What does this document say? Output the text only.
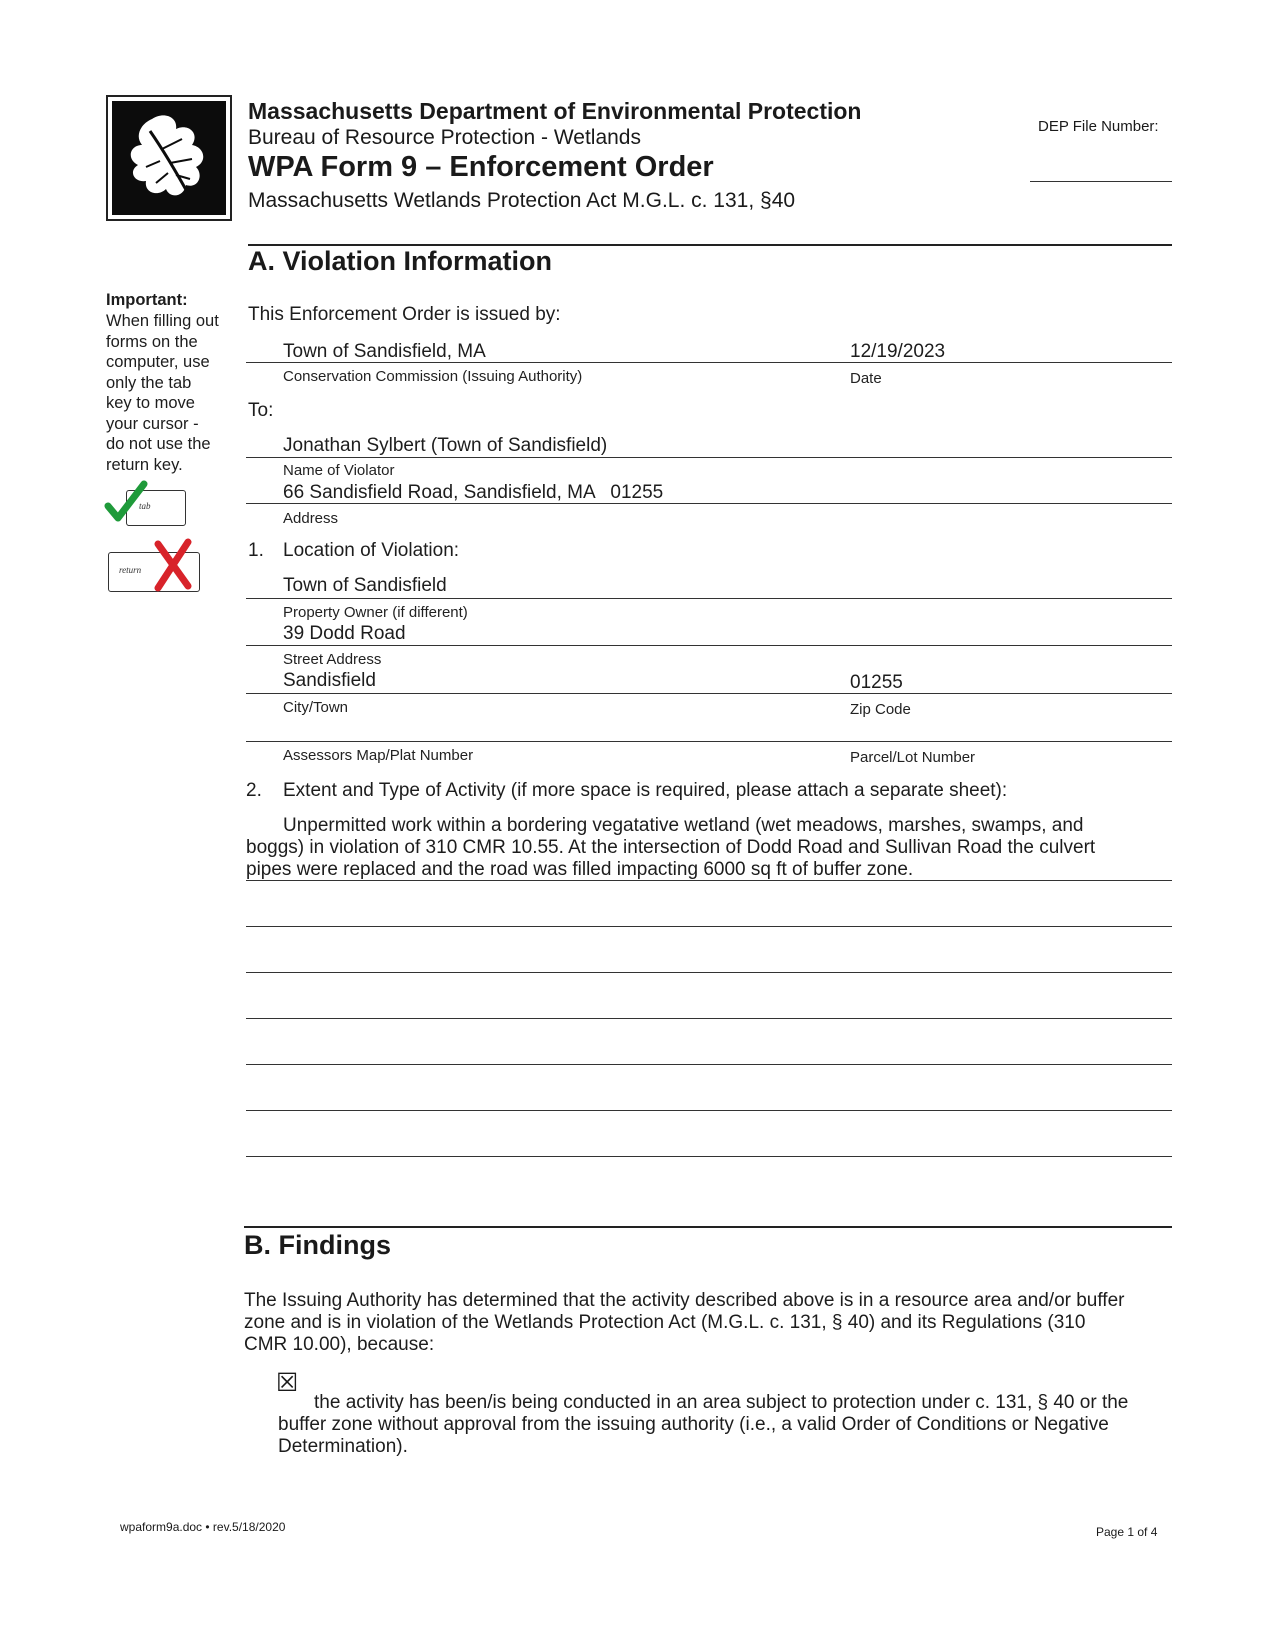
Massachusetts Department of Environmental Protection
Bureau of Resource Protection - Wetlands
WPA Form 9 – Enforcement Order
Massachusetts Wetlands Protection Act M.G.L. c. 131, §40
DEP File Number:
Important:
When filling out
forms on the
computer, use
only the tab
key to move
your cursor -
do not use the
return key.
tab
return
A. Violation Information
This Enforcement Order is issued by:
Town of Sandisfield, MA	12/19/2023
Conservation Commission (Issuing Authority)	Date
To:
Jonathan Sylbert (Town of Sandisfield)
Name of Violator
66 Sandisfield Road, Sandisfield, MA   01255
Address
1. Location of Violation:
Town of Sandisfield
Property Owner (if different)
39 Dodd Road
Street Address
Sandisfield	01255
City/Town	Zip Code
Assessors Map/Plat Number	Parcel/Lot Number
2. Extent and Type of Activity (if more space is required, please attach a separate sheet):
Unpermitted work within a bordering vegatative wetland (wet meadows, marshes, swamps, and
boggs) in violation of 310 CMR 10.55. At the intersection of Dodd Road and Sullivan Road the culvert
pipes were replaced and the road was filled impacting 6000 sq ft of buffer zone.
B. Findings
The Issuing Authority has determined that the activity described above is in a resource area and/or buffer
zone and is in violation of the Wetlands Protection Act (M.G.L. c. 131, § 40) and its Regulations (310
CMR 10.00), because:
☒
the activity has been/is being conducted in an area subject to protection under c. 131, § 40 or the
buffer zone without approval from the issuing authority (i.e., a valid Order of Conditions or Negative
Determination).
wpaform9a.doc • rev.5/18/2020	Page 1 of 4
